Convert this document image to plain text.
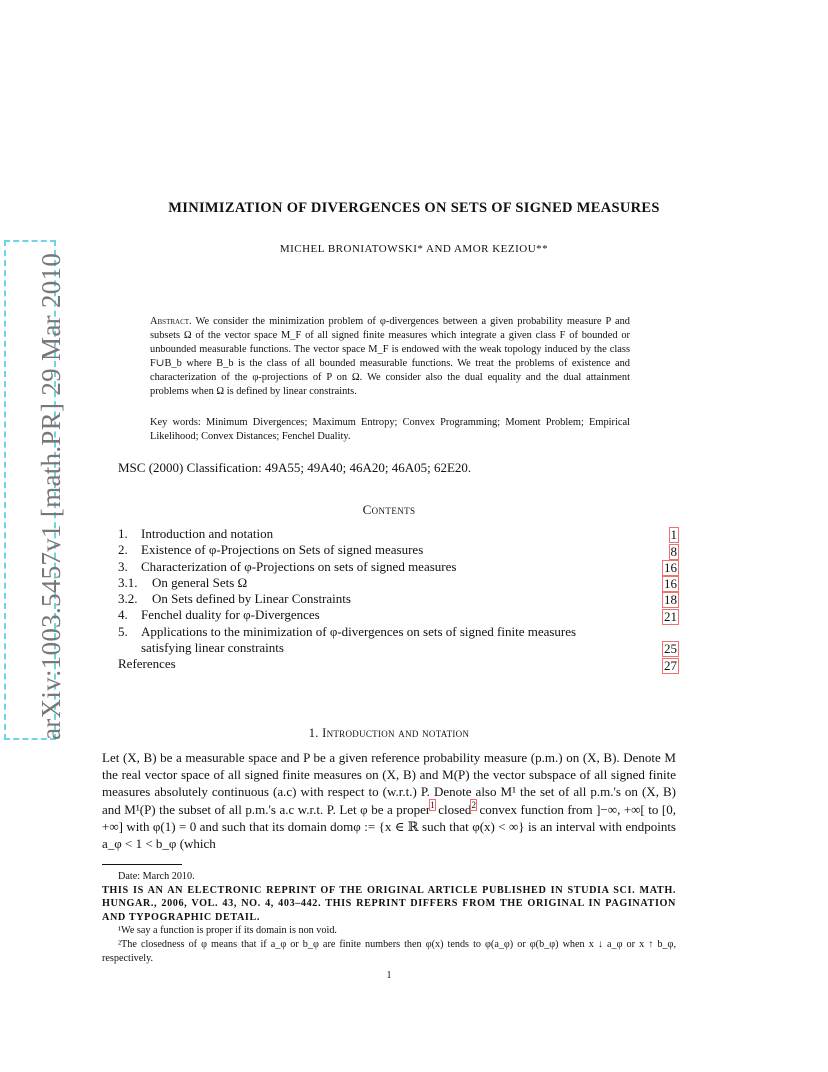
arXiv:1003.5457v1 [math.PR] 29 Mar 2010
MINIMIZATION OF DIVERGENCES ON SETS OF SIGNED MEASURES
MICHEL BRONIATOWSKI* AND AMOR KEZIOU**
Abstract. We consider the minimization problem of φ-divergences between a given probability measure P and subsets Ω of the vector space M_F of all signed finite measures which integrate a given class F of bounded or unbounded measurable functions. The vector space M_F is endowed with the weak topology induced by the class F∪B_b where B_b is the class of all bounded measurable functions. We treat the problems of existence and characterization of the φ-projections of P on Ω. We consider also the dual equality and the dual attainment problems when Ω is defined by linear constraints.
Key words: Minimum Divergences; Maximum Entropy; Convex Programming; Moment Problem; Empirical Likelihood; Convex Distances; Fenchel Duality.
MSC (2000) Classification: 49A55; 49A40; 46A20; 46A05; 62E20.
Contents
1. Introduction and notation	1
2. Existence of φ-Projections on Sets of signed measures	8
3. Characterization of φ-Projections on sets of signed measures	16
3.1. On general Sets Ω	16
3.2. On Sets defined by Linear Constraints	18
4. Fenchel duality for φ-Divergences	21
5. Applications to the minimization of φ-divergences on sets of signed finite measures
satisfying linear constraints	25
References	27
1. Introduction and notation
Let (X, B) be a measurable space and P be a given reference probability measure (p.m.) on (X, B). Denote M the real vector space of all signed finite measures on (X, B) and M(P) the vector subspace of all signed finite measures absolutely continuous (a.c) with respect to (w.r.t.) P. Denote also M¹ the set of all p.m.'s on (X, B) and M¹(P) the subset of all p.m.'s a.c w.r.t. P. Let φ be a proper$^1$ closed$^2$ convex function from ]−∞, +∞[ to [0, +∞] with φ(1) = 0 and such that its domain domφ := {x ∈ ℝ such that φ(x) < ∞} is an interval with endpoints a_φ < 1 < b_φ (which
Date: March 2010.
THIS IS AN AN ELECTRONIC REPRINT OF THE ORIGINAL ARTICLE PUBLISHED IN STUDIA SCI. MATH. HUNGAR., 2006, VOL. 43, NO. 4, 403–442. THIS REPRINT DIFFERS FROM THE ORIGINAL IN PAGINATION AND TYPOGRAPHIC DETAIL.
¹We say a function is proper if its domain is non void.
²The closedness of φ means that if a_φ or b_φ are finite numbers then φ(x) tends to φ(a_φ) or φ(b_φ) when x ↓ a_φ or x ↑ b_φ, respectively.
1
